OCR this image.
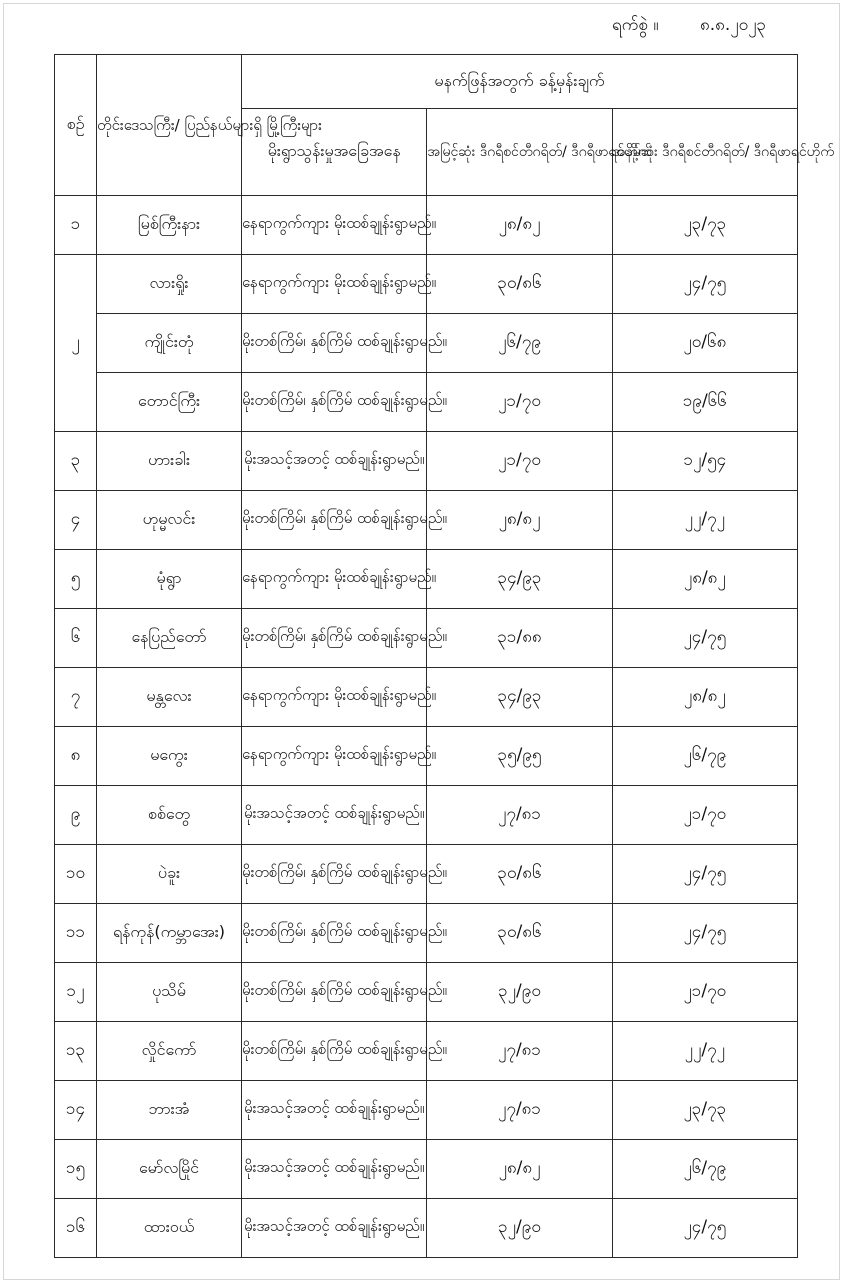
ရက်စွဲ ။ ၈.၈.၂၀၂၃
စဉ်	တိုင်းဒေသကြီး/ ပြည်နယ်များရှိ မြို့ကြီးများ	မနက်ဖြန်အတွက် ခန့်မှန်းချက်		
		မိုးရွာသွန်းမှုအခြေအနေ	အမြင့်ဆုံး ဒီဂရီစင်တီဂရိတ်/ ဒီဂရီဖာရင်ဟိုက်	အနိမ့်ဆုံး ဒီဂရီစင်တီဂရိတ်/ ဒီဂရီဖာရင်ဟိုက်
၁	မြစ်ကြီးနား	နေရာကွက်ကျား မိုးထစ်ချုန်းရွာမည်။	၂၈/၈၂	၂၃/၇၃
၂	လားရှိုး	နေရာကွက်ကျား မိုးထစ်ချုန်းရွာမည်။	၃၀/၈၆	၂၄/၇၅
	ကျိုင်းတုံ	မိုးတစ်ကြိမ်၊ နှစ်ကြိမ် ထစ်ချုန်းရွာမည်။	၂၆/၇၉	၂၀/၆၈
	တောင်ကြီး	မိုးတစ်ကြိမ်၊ နှစ်ကြိမ် ထစ်ချုန်းရွာမည်။	၂၁/၇၀	၁၉/၆၆
၃	ဟားခါး	မိုးအသင့်အတင့် ထစ်ချုန်းရွာမည်။	၂၁/၇၀	၁၂/၅၄
၄	ဟုမ္မလင်း	မိုးတစ်ကြိမ်၊ နှစ်ကြိမ် ထစ်ချုန်းရွာမည်။	၂၈/၈၂	၂၂/၇၂
၅	မုံရွာ	နေရာကွက်ကျား မိုးထစ်ချုန်းရွာမည်။	၃၄/၉၃	၂၈/၈၂
၆	နေပြည်တော်	မိုးတစ်ကြိမ်၊ နှစ်ကြိမ် ထစ်ချုန်းရွာမည်။	၃၁/၈၈	၂၄/၇၅
၇	မန္တလေး	နေရာကွက်ကျား မိုးထစ်ချုန်းရွာမည်။	၃၄/၉၃	၂၈/၈၂
၈	မကွေး	နေရာကွက်ကျား မိုးထစ်ချုန်းရွာမည်။	၃၅/၉၅	၂၆/၇၉
၉	စစ်တွေ	မိုးအသင့်အတင့် ထစ်ချုန်းရွာမည်။	၂၇/၈၁	၂၁/၇၀
၁၀	ပဲခူး	မိုးတစ်ကြိမ်၊ နှစ်ကြိမ် ထစ်ချုန်းရွာမည်။	၃၀/၈၆	၂၄/၇၅
၁၁	ရန်ကုန်(ကမ္ဘာအေး)	မိုးတစ်ကြိမ်၊ နှစ်ကြိမ် ထစ်ချုန်းရွာမည်။	၃၀/၈၆	၂၄/၇၅
၁၂	ပုသိမ်	မိုးတစ်ကြိမ်၊ နှစ်ကြိမ် ထစ်ချုန်းရွာမည်။	၃၂/၉၀	၂၁/၇၀
၁၃	လှိုင်ကော်	မိုးတစ်ကြိမ်၊ နှစ်ကြိမ် ထစ်ချုန်းရွာမည်။	၂၇/၈၁	၂၂/၇၂
၁၄	ဘားအံ	မိုးအသင့်အတင့် ထစ်ချုန်းရွာမည်။	၂၇/၈၁	၂၃/၇၃
၁၅	မော်လမြိုင်	မိုးအသင့်အတင့် ထစ်ချုန်းရွာမည်။	၂၈/၈၂	၂၆/၇၉
၁၆	ထားဝယ်	မိုးအသင့်အတင့် ထစ်ချုန်းရွာမည်။	၃၂/၉၀	၂၄/၇၅
